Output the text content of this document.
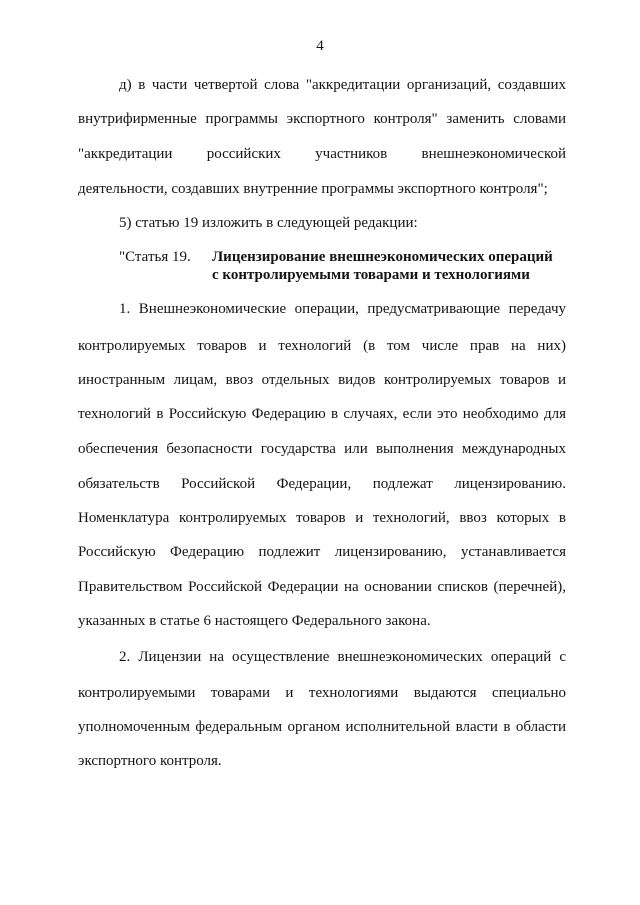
4
д) в части четвертой слова "аккредитации организаций, создавших
внутрифирменные программы экспортного контроля" заменить словами
"аккредитации российских участников внешнеэкономической
деятельности, создавших внутренние программы экспортного контроля";
5) статью 19 изложить в следующей редакции:
"Статья 19. Лицензирование внешнеэкономических операций
с контролируемыми товарами и технологиями
1. Внешнеэкономические операции, предусматривающие передачу
контролируемых товаров и технологий (в том числе прав на них)
иностранным лицам, ввоз отдельных видов контролируемых товаров и
технологий в Российскую Федерацию в случаях, если это необходимо для
обеспечения безопасности государства или выполнения международных
обязательств Российской Федерации, подлежат лицензированию.
Номенклатура контролируемых товаров и технологий, ввоз которых в
Российскую Федерацию подлежит лицензированию, устанавливается
Правительством Российской Федерации на основании списков (перечней),
указанных в статье 6 настоящего Федерального закона.
2. Лицензии на осуществление внешнеэкономических операций с
контролируемыми товарами и технологиями выдаются специально
уполномоченным федеральным органом исполнительной власти в области
экспортного контроля.
